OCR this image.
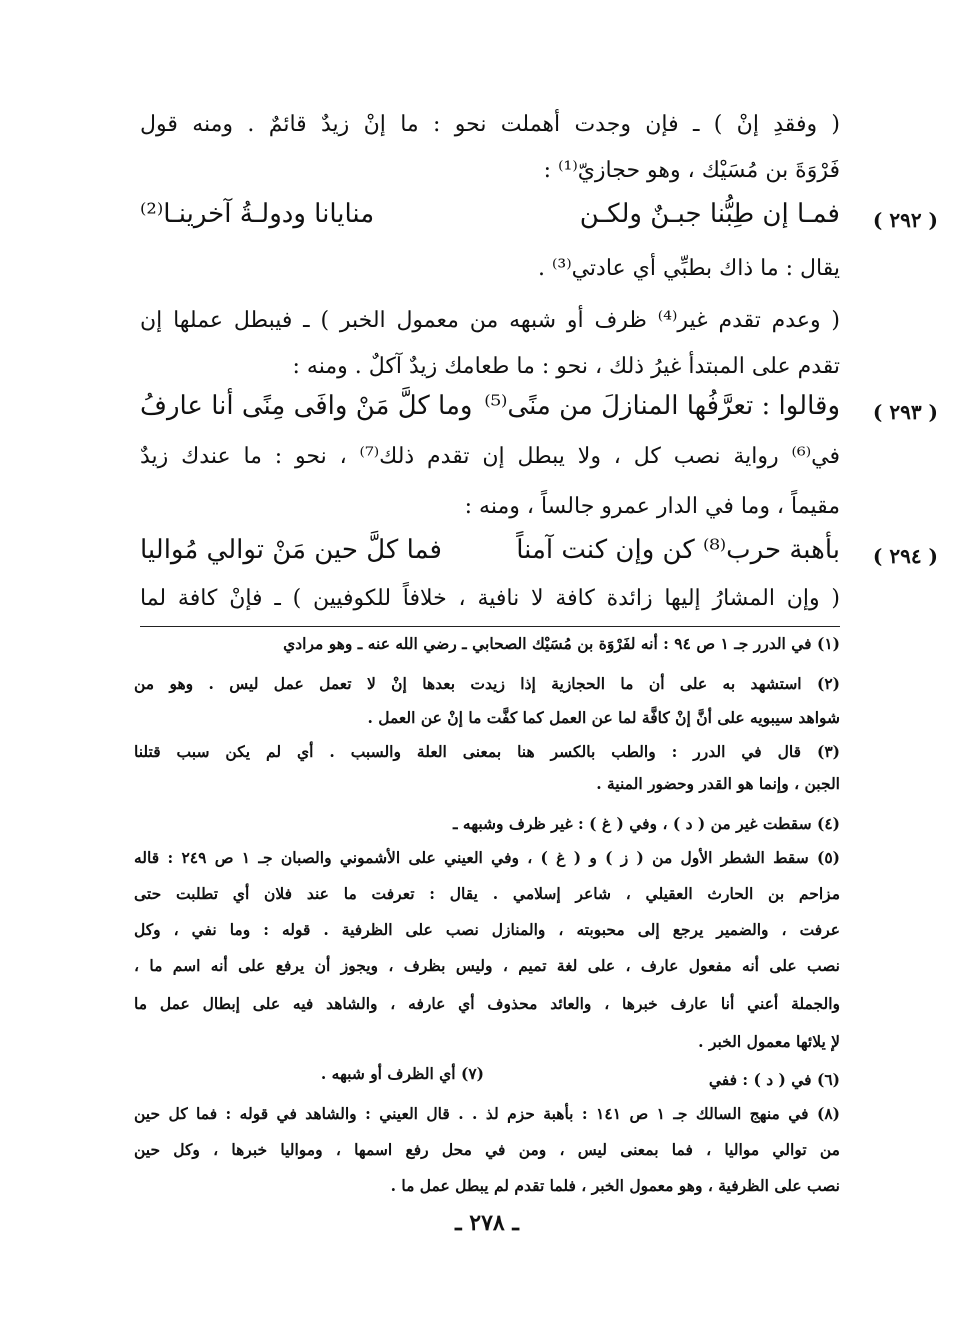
( وفقدِ إنْ ) ـ فإن وجدت أهملت نحو : ما إنْ زيدٌ قائمٌ . ومنه قول
فَرْوَةَ بن مُسَيْك ، وهو حجازيّ⁽¹⁾ :
( ٢٩٢ )
فمـا إن طِبُّنا جبـنٌ ولكـن
منايانا ودولـةُ آخرينـا⁽²⁾
يقال : ما ذاك بطبِّي أي عادتي⁽³⁾ .
( وعدم تقدم غير⁽⁴⁾ ظرف أو شبهه من معمول الخبر ) ـ فيبطل عملها إن
تقدم على المبتدأ غيرُ ذلك ، نحو : ما طعامك زيدٌ آكلٌ . ومنه :
( ٢٩٣ )
وقالوا : تعرَّفُها المنازلَ من منًى⁽⁵⁾
وما كلَّ مَنْ وافَى مِنًى أنا عارفُ
في⁽⁶⁾ رواية نصب كل ، ولا يبطل إن تقدم ذلك⁽⁷⁾ ، نحو : ما عندك زيدٌ
مقيماً ، وما في الدار عمرو جالساً ، ومنه :
( ٢٩٤ )
بأهبة حرب⁽⁸⁾ كن وإن كنت آمناً
فما كلَّ حين مَنْ توالي مُواليا
( وإن المشارُ إليها زائدة كافة لا نافية ، خلافاً للكوفيين ) ـ فإنْ كافة لما
(١) في الدرر جـ ١ ص ٩٤ : أنه لفَرْوَة بن مُسَيْك الصحابي ـ رضي الله عنه ـ وهو مرادي
(٢) استشهد به على أن ما الحجازية إذا زيدت بعدها إنْ لا تعمل عمل ليس . وهو من
شواهد سيبويه على أنَّ إنْ كافَّة لما عن العمل كما كفَّت ما إنْ عن العمل .
(٣) قال في الدرر : والطب بالكسر هنا بمعنى العلة والسبب . أي لم يكن سبب قتلنا
الجبن ، وإنما هو القدر وحضور المنية .
(٤) سقطت غير من ( د ) ، وفي ( غ ) : غير ظرف وشبهه ـ
(٥) سقط الشطر الأول من ( ز ) و ( غ ) ، وفي العيني على الأشموني والصبان جـ ١ ص ٢٤٩ : قاله
مزاحم بن الحارث العقيلي ، شاعر إسلامي . يقال : تعرفت ما عند فلان أي تطلبت حتى
عرفت ، والضمير يرجع إلى محبوبته ، والمنازل نصب على الظرفية . قوله : وما نفي ، وكل
نصب على أنه مفعول عارف ، على لغة تميم ، وليس بظرف ، ويجوز أن يرفع على أنه اسم ما ،
والجملة أعني أنا عارف خبرها ، والعائد محذوف أي عارفه ، والشاهد فيه على إبطال عمل ما
لإ يلائها معمول الخبر .
(٦) في ( د ) : ففي
(٧) أي الظرف أو شبهه .
(٨) في منهج السالك جـ ١ ص ١٤١ : بأهبة حزم لذ . . قال العيني : والشاهد في قوله : فما كل حين
من توالي مواليا ، فما بمعنى ليس ، ومن في محل رفع اسمها ، ومواليا خبرها ، وكل حين
نصب على الظرفية ، وهو معمول الخبر ، فلما تقدم لم يبطل عمل ما .
ـ ٢٧٨ ـ
